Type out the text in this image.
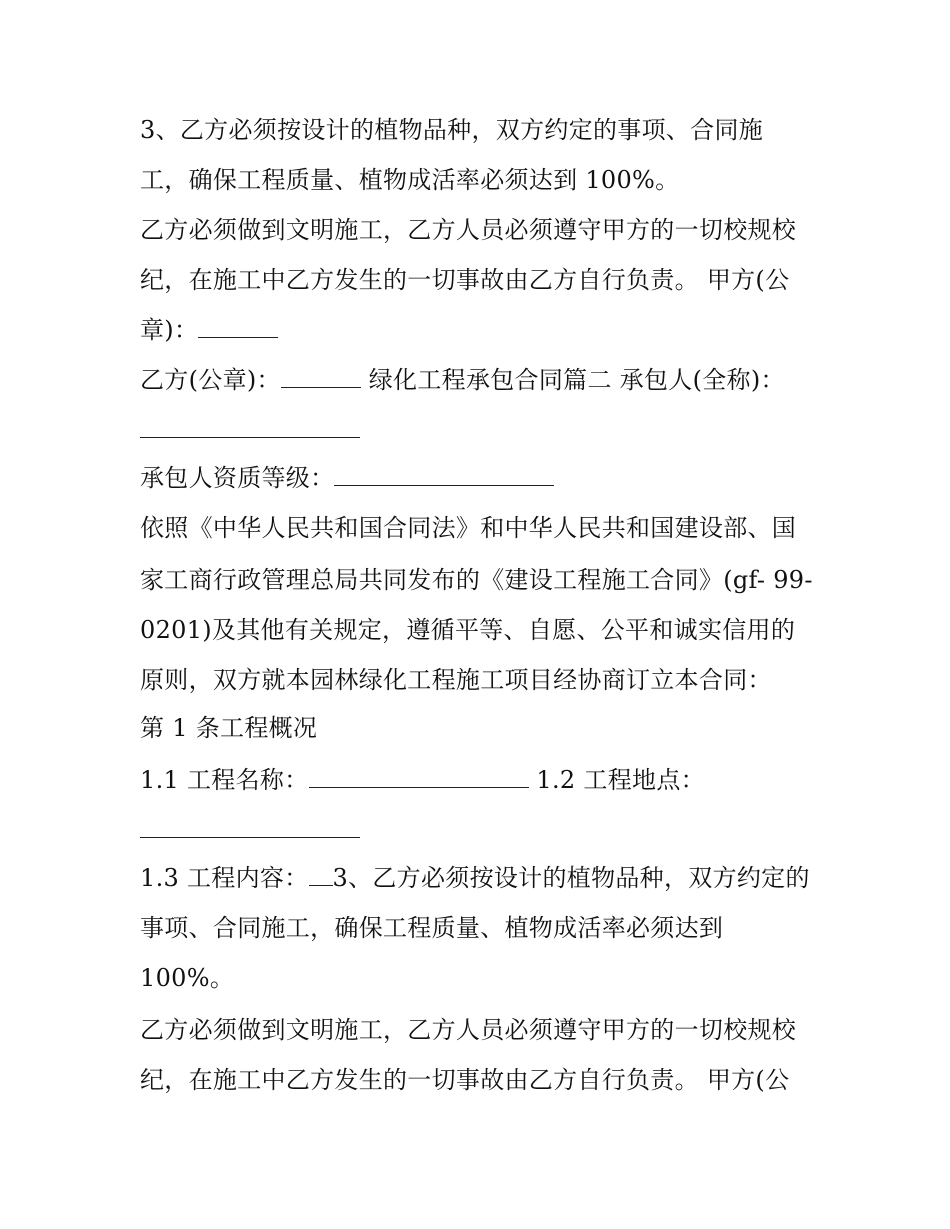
3、乙方必须按设计的植物品种，双方约定的事项、合同施
工，确保工程质量、植物成活率必须达到 100%。
乙方必须做到文明施工，乙方人员必须遵守甲方的一切校规校
纪，在施工中乙方发生的一切事故由乙方自行负责。 甲方(公
章)：
乙方(公章)：	绿化工程承包合同篇二 承包人(全称)：
承包人资质等级：
依照《中华人民共和国合同法》和中华人民共和国建设部、国
家工商行政管理总局共同发布的《建设工程施工合同》(gf- 99-
0201)及其他有关规定，遵循平等、自愿、公平和诚实信用的
原则，双方就本园林绿化工程施工项目经协商订立本合同：
第 1 条工程概况
1.1 工程名称：	1.2 工程地点：
1.3 工程内容： 3、乙方必须按设计的植物品种，双方约定的
事项、合同施工，确保工程质量、植物成活率必须达到
100%。
乙方必须做到文明施工，乙方人员必须遵守甲方的一切校规校
纪，在施工中乙方发生的一切事故由乙方自行负责。 甲方(公
